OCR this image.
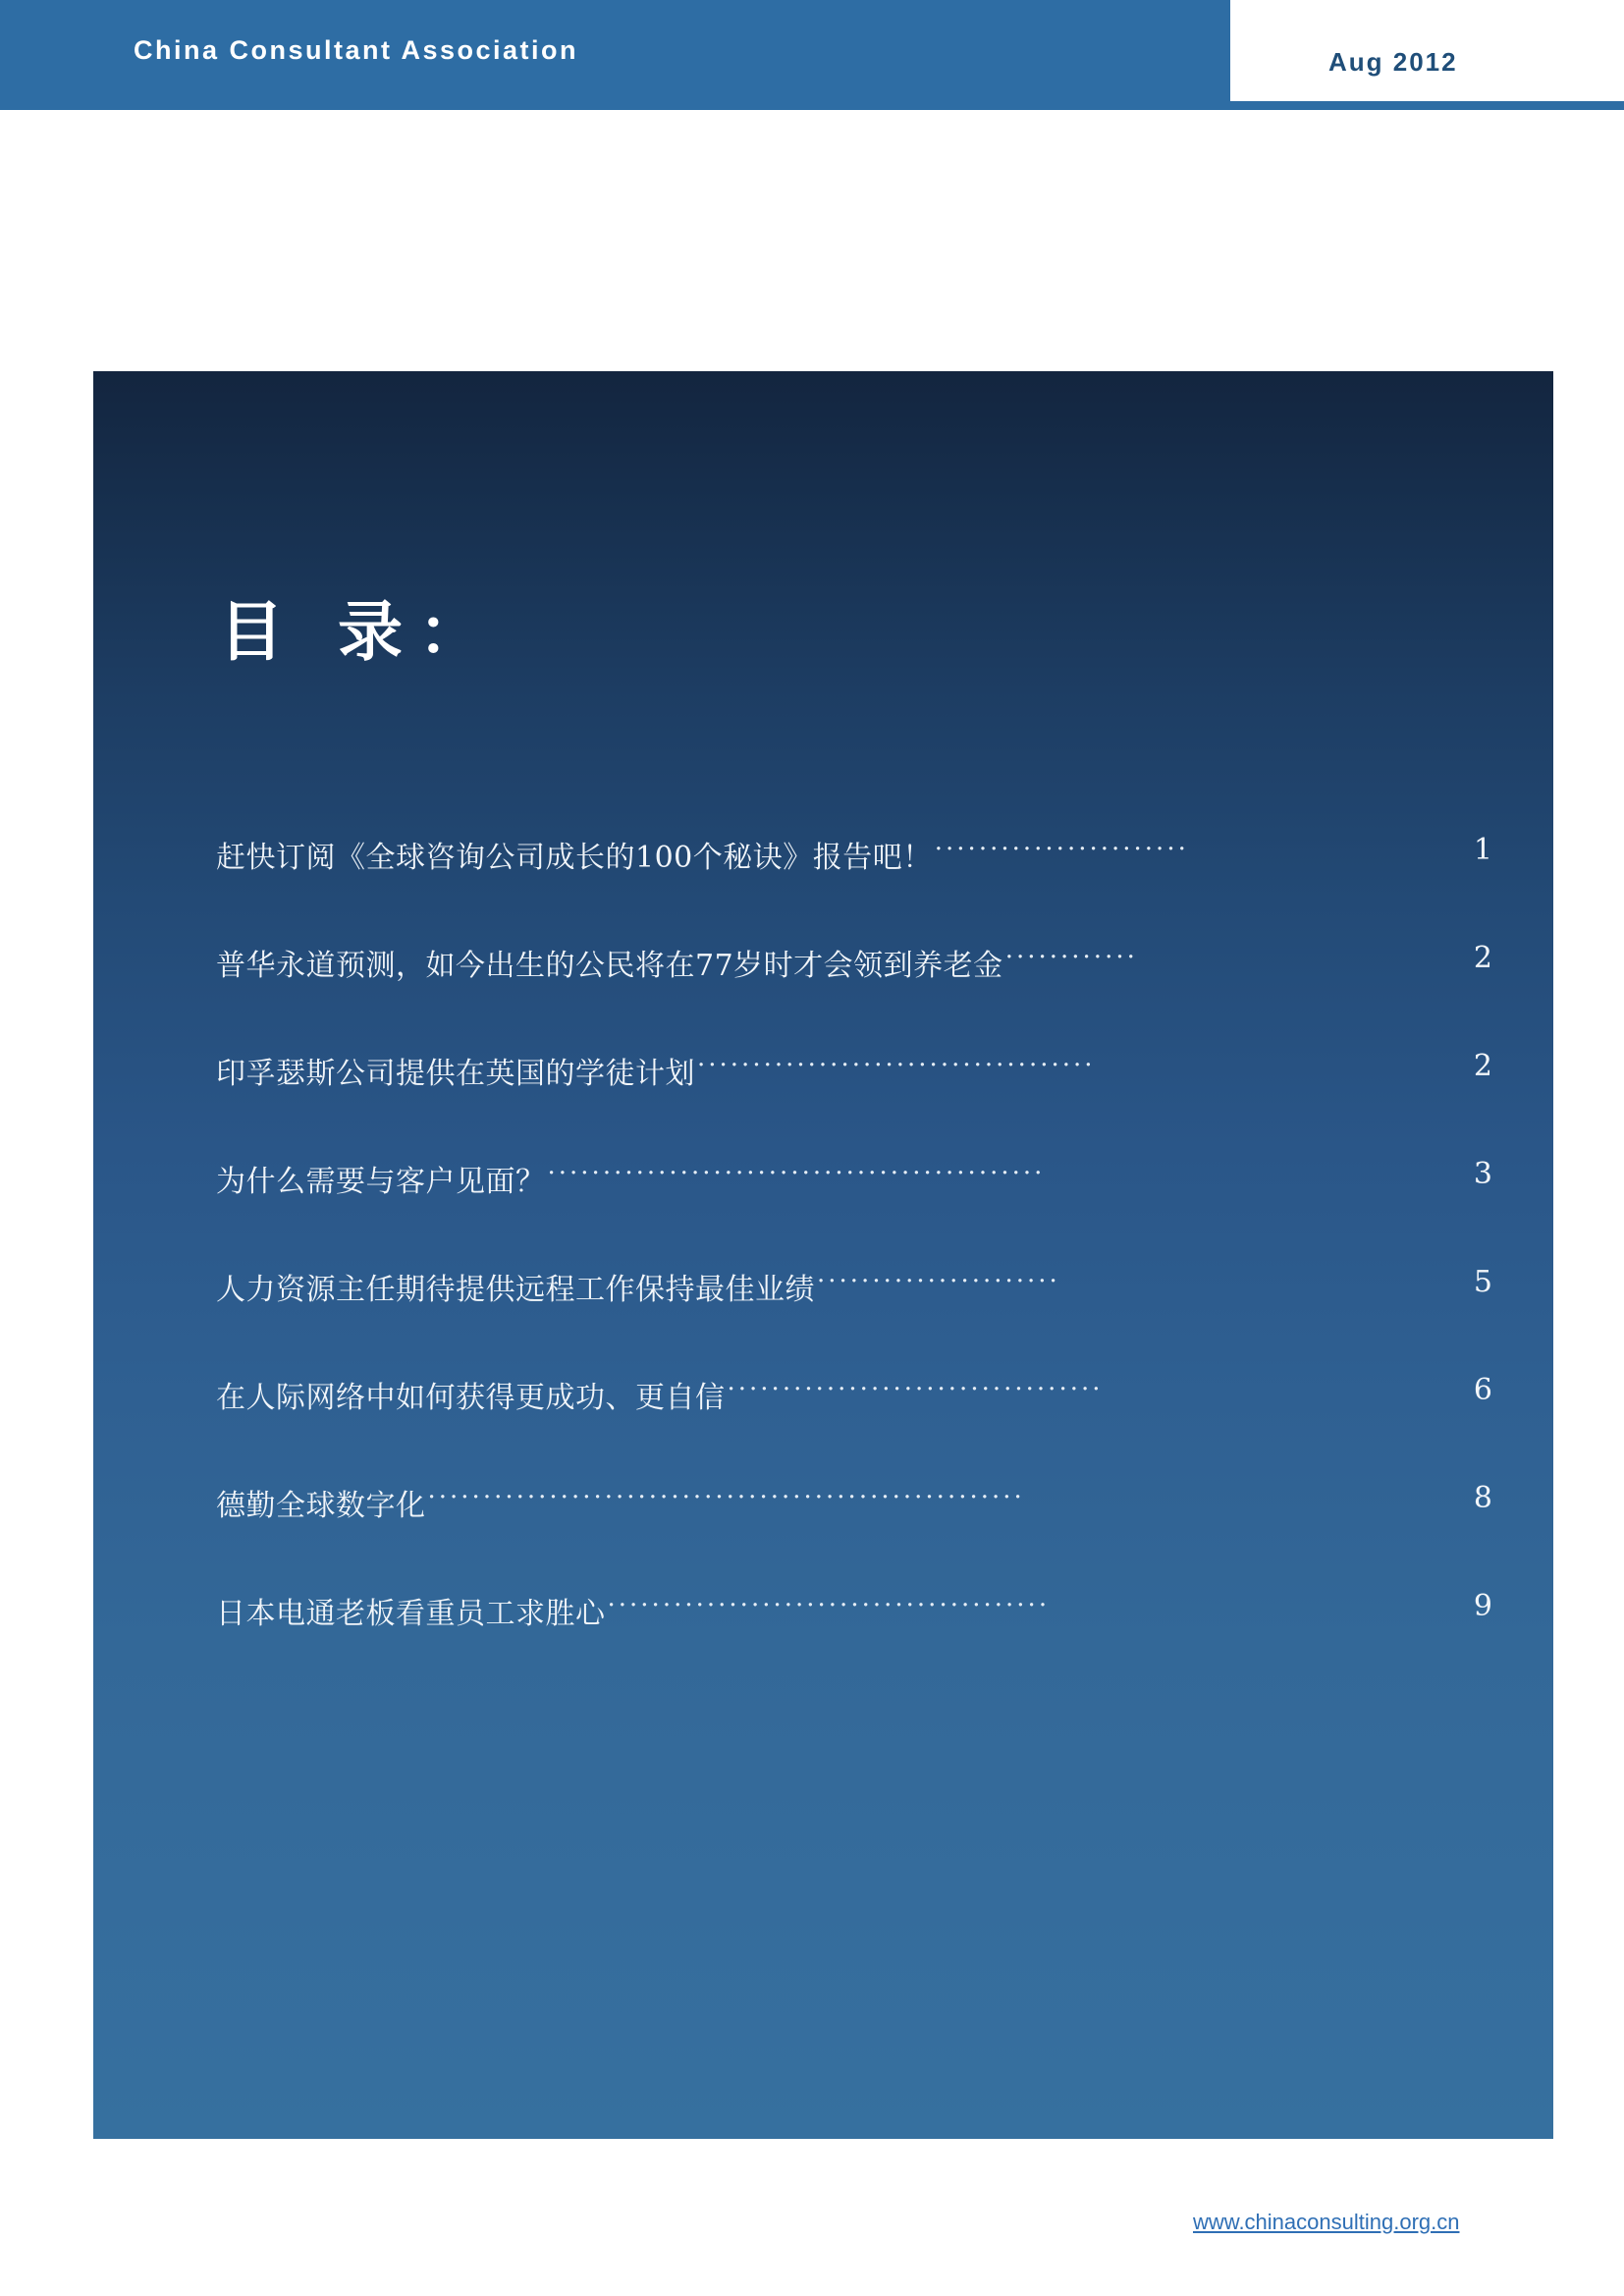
China Consultant Association	Aug 2012
目 录：
赶快订阅《全球咨询公司成长的100个秘诀》报告吧！ ·······················	1
普华永道预测，如今出生的公民将在77岁时才会领到养老金 ············	2
印孚瑟斯公司提供在英国的学徒计划 ····································	2
为什么需要与客户见面？ ·············································	3
人力资源主任期待提供远程工作保持最佳业绩 ······················	5
在人际网络中如何获得更成功、更自信 ··································	6
德勤全球数字化 ······················································	8
日本电通老板看重员工求胜心 ········································	9
www.chinaconsulting.org.cn
